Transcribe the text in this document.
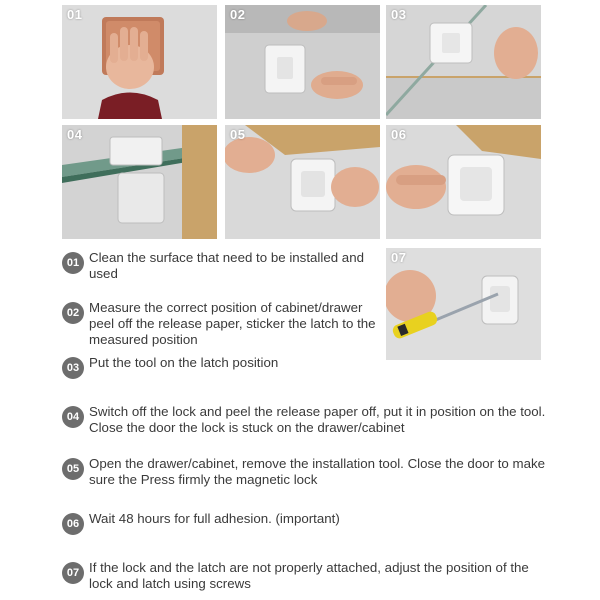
01	02	03
04	05	06
07
01 Clean the surface that need to be installed and used
02 Measure the correct position of cabinet/drawer peel off the release paper, sticker the latch to the measured position
03 Put the tool on the latch position
04 Switch off the lock and peel the release paper off, put it in position on the tool. Close the door the lock is stuck on the drawer/cabinet
05 Open the drawer/cabinet, remove the installation tool. Close the door to make sure the Press firmly the magnetic lock
06 Wait 48 hours for full adhesion. (important)
07 If the lock and the latch are not properly attached, adjust the position of the lock and latch using screws
